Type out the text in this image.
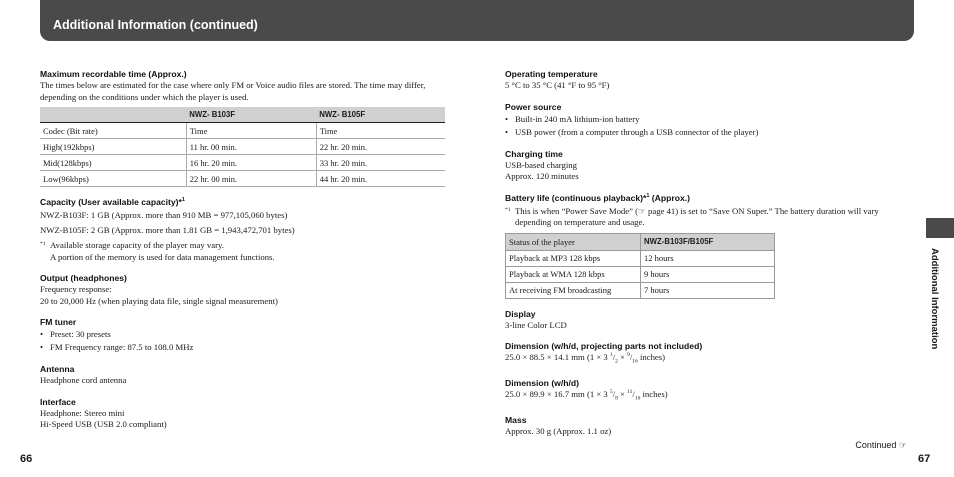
Additional Information (continued)
Maximum recordable time (Approx.)
The times below are estimated for the case where only FM or Voice audio files are stored. The time may differ, depending on the conditions under which the player is used.
	NWZ- B103F	NWZ- B105F
Codec (Bit rate)	Time	Time
High(192kbps)	11 hr. 00 min.	22 hr. 20 min.
Mid(128kbps)	16 hr. 20 min.	33 hr. 20 min.
Low(96kbps)	22 hr. 00 min.	44 hr. 20 min.
Capacity (User available capacity)*$^1$
NWZ-B103F: 1 GB (Approx. more than 910 MB = 977,105,060 bytes)
NWZ-B105F: 2 GB (Approx. more than 1.81 GB = 1,943,472,701 bytes)
*1 Available storage capacity of the player may vary.
A portion of the memory is used for data management functions.
Output (headphones)
Frequency response:
20 to 20,000 Hz (when playing data file, single signal measurement)
FM tuner
• Preset: 30 presets
• FM Frequency range: 87.5 to 108.0 MHz
Antenna
Headphone cord antenna
Interface
Headphone: Stereo mini
Hi-Speed USB (USB 2.0 compliant)
Operating temperature
5 °C to 35 °C (41 °F to 95 °F)
Power source
• Built-in 240 mA lithium-ion battery
• USB power (from a computer through a USB connector of the player)
Charging time
USB-based charging
Approx. 120 minutes
Battery life (continuous playback)*$^1$ (Approx.)
*1 This is when “Power Save Mode” (☞ page 41) is set to “Save ON Super.” The battery duration will vary depending on temperature and usage.
Status of the player	NWZ-B103F/B105F
Playback at MP3 128 kbps	12 hours
Playback at WMA 128 kbps	9 hours
At receiving FM broadcasting	7 hours
Display
3-line Color LCD
Dimension (w/h/d, projecting parts not included)
25.0 × 88.5 × 14.1 mm (1 × 3 $^1/_2 \times ^9/_{16}$ inches)
Dimension (w/h/d)
25.0 × 89.9 × 16.7 mm (1 × 3 $^5/_8 \times ^{11}/_{16}$ inches)
Mass
Approx. 30 g (Approx. 1.1 oz)
66	67
Continued ☞
Additional Information
